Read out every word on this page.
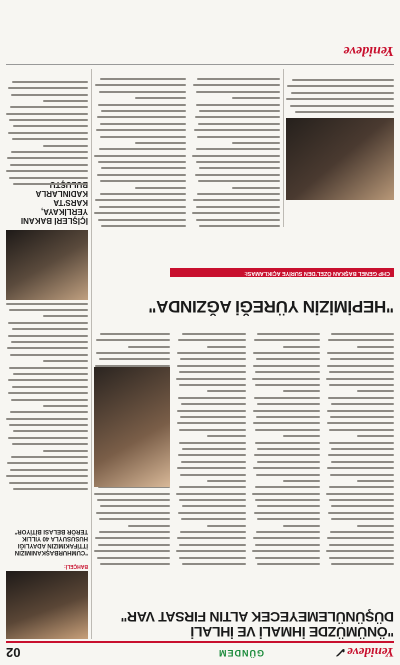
Yenideve✓
GÜNDEM
02
"ÖNÜMÜZDE İHMALİ VE İHLALİ DÜŞÜNÜLEMEYECEK ALTIN FIRSAT VAR"
BAHÇELİ:
"CUMHURBAŞKANIMIZIN İTTİFAKIMIZIN ADAYLIĞI HUSUSUYLA 40 YILLIK TERÖR BELASI BİTİYOR"
"HEPİMİZİN YÜREĞİ AĞZINDA"
CHP GENEL BAŞKAN ÖZEL'DEN SURİYE AÇIKLAMASI:
İÇİŞLERİ BAKANI YERLİKAYA, KARS'TA KADINLARLA
Yenideve
